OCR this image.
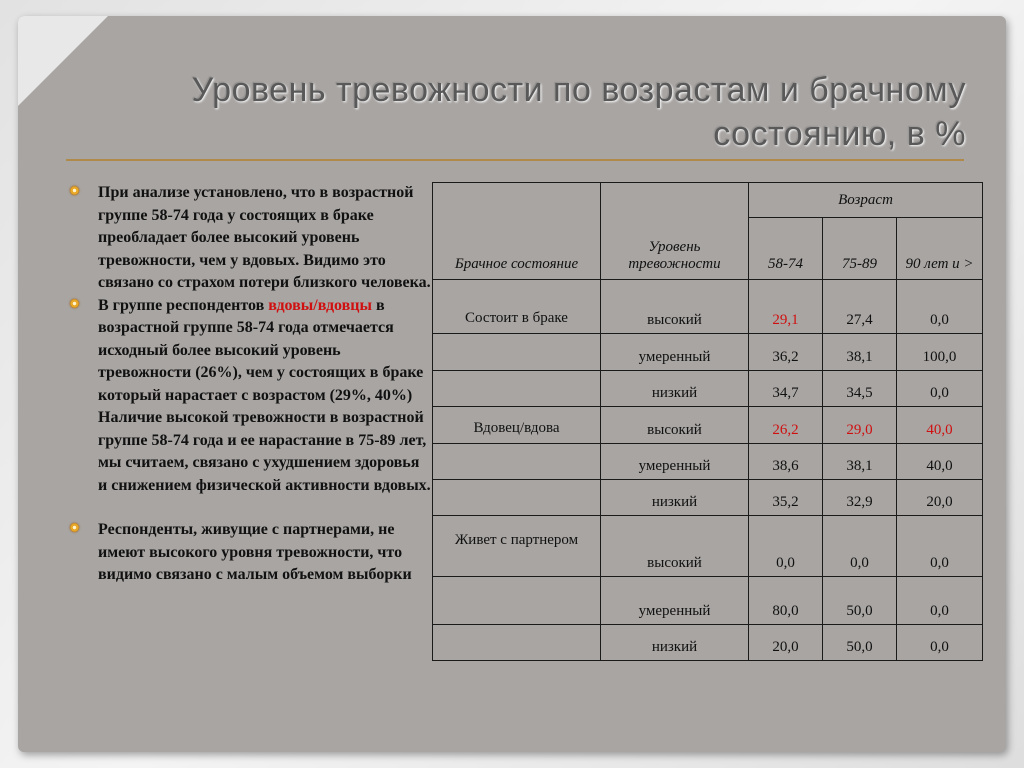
Уровень тревожности по возрастам и брачному состоянию, в %
При анализе установлено, что в возрастной группе 58-74 года у состоящих в браке преобладает более высокий уровень тревожности, чем у вдовых. Видимо это связано со страхом потери близкого человека.
В группе респондентов вдовы/вдовцы в возрастной группе 58-74 года отмечается исходный более высокий уровень тревожности (26%), чем у состоящих в браке который нарастает с возрастом (29%, 40%) Наличие высокой тревожности в возрастной группе 58-74 года и ее нарастание в 75-89 лет, мы считаем, связано с ухудшением здоровья и снижением физической активности вдовых.
Респонденты, живущие с партнерами, не имеют высокого уровня тревожности, что видимо связано с малым объемом выборки
Брачное состояние	Уровень тревожности	Возраст		
		58-74	75-89	90 лет и >
Состоит в браке	высокий	29,1	27,4	0,0
	умеренный	36,2	38,1	100,0
	низкий	34,7	34,5	0,0
Вдовец/вдова	высокий	26,2	29,0	40,0
	умеренный	38,6	38,1	40,0
	низкий	35,2	32,9	20,0
Живет с партнером	высокий	0,0	0,0	0,0
	умеренный	80,0	50,0	0,0
	низкий	20,0	50,0	0,0
